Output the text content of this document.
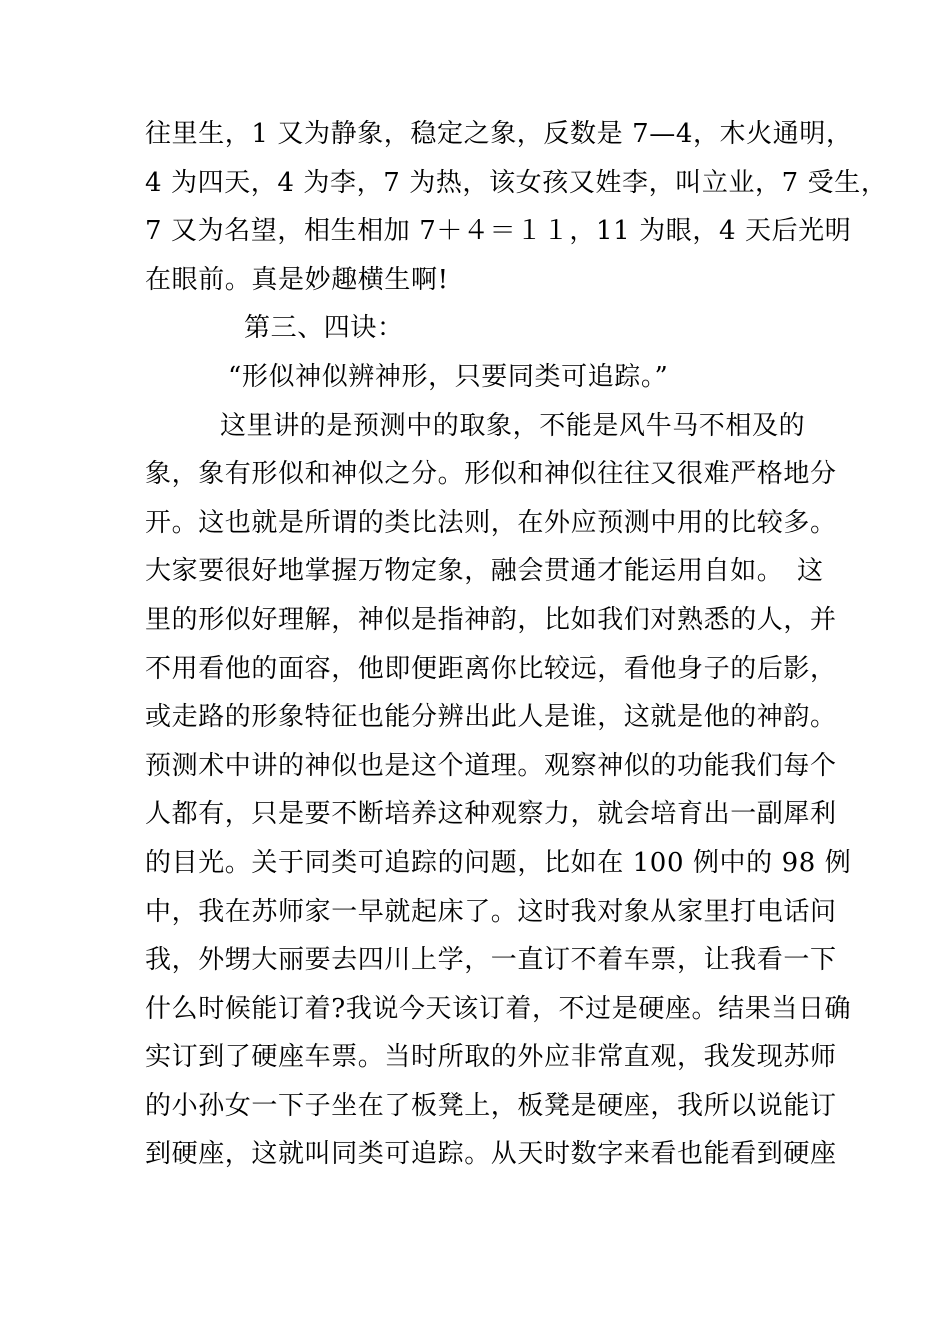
往里生，1 又为静象，稳定之象，反数是 7—4，木火通明，
4 为四天，4 为李，7 为热，该女孩又姓李，叫立业，7 受生，
7 又为名望，相生相加 7＋４＝１１，11 为眼，4 天后光明
在眼前。真是妙趣横生啊!
第三、四诀：
“形似神似辨神形，只要同类可追踪。”
这里讲的是预测中的取象，不能是风牛马不相及的
象，象有形似和神似之分。形似和神似往往又很难严格地分
开。这也就是所谓的类比法则，在外应预测中用的比较多。
大家要很好地掌握万物定象，融会贯通才能运用自如。　这
里的形似好理解，神似是指神韵，比如我们对熟悉的人，并
不用看他的面容，他即便距离你比较远，看他身子的后影，
或走路的形象特征也能分辨出此人是谁，这就是他的神韵。
预测术中讲的神似也是这个道理。观察神似的功能我们每个
人都有，只是要不断培养这种观察力，就会培育出一副犀利
的目光。关于同类可追踪的问题，比如在 100 例中的 98 例
中，我在苏师家一早就起床了。这时我对象从家里打电话问
我，外甥大丽要去四川上学，一直订不着车票，让我看一下
什么时候能订着?我说今天该订着，不过是硬座。结果当日确
实订到了硬座车票。当时所取的外应非常直观，我发现苏师
的小孙女一下子坐在了板凳上，板凳是硬座，我所以说能订
到硬座，这就叫同类可追踪。从天时数字来看也能看到硬座
